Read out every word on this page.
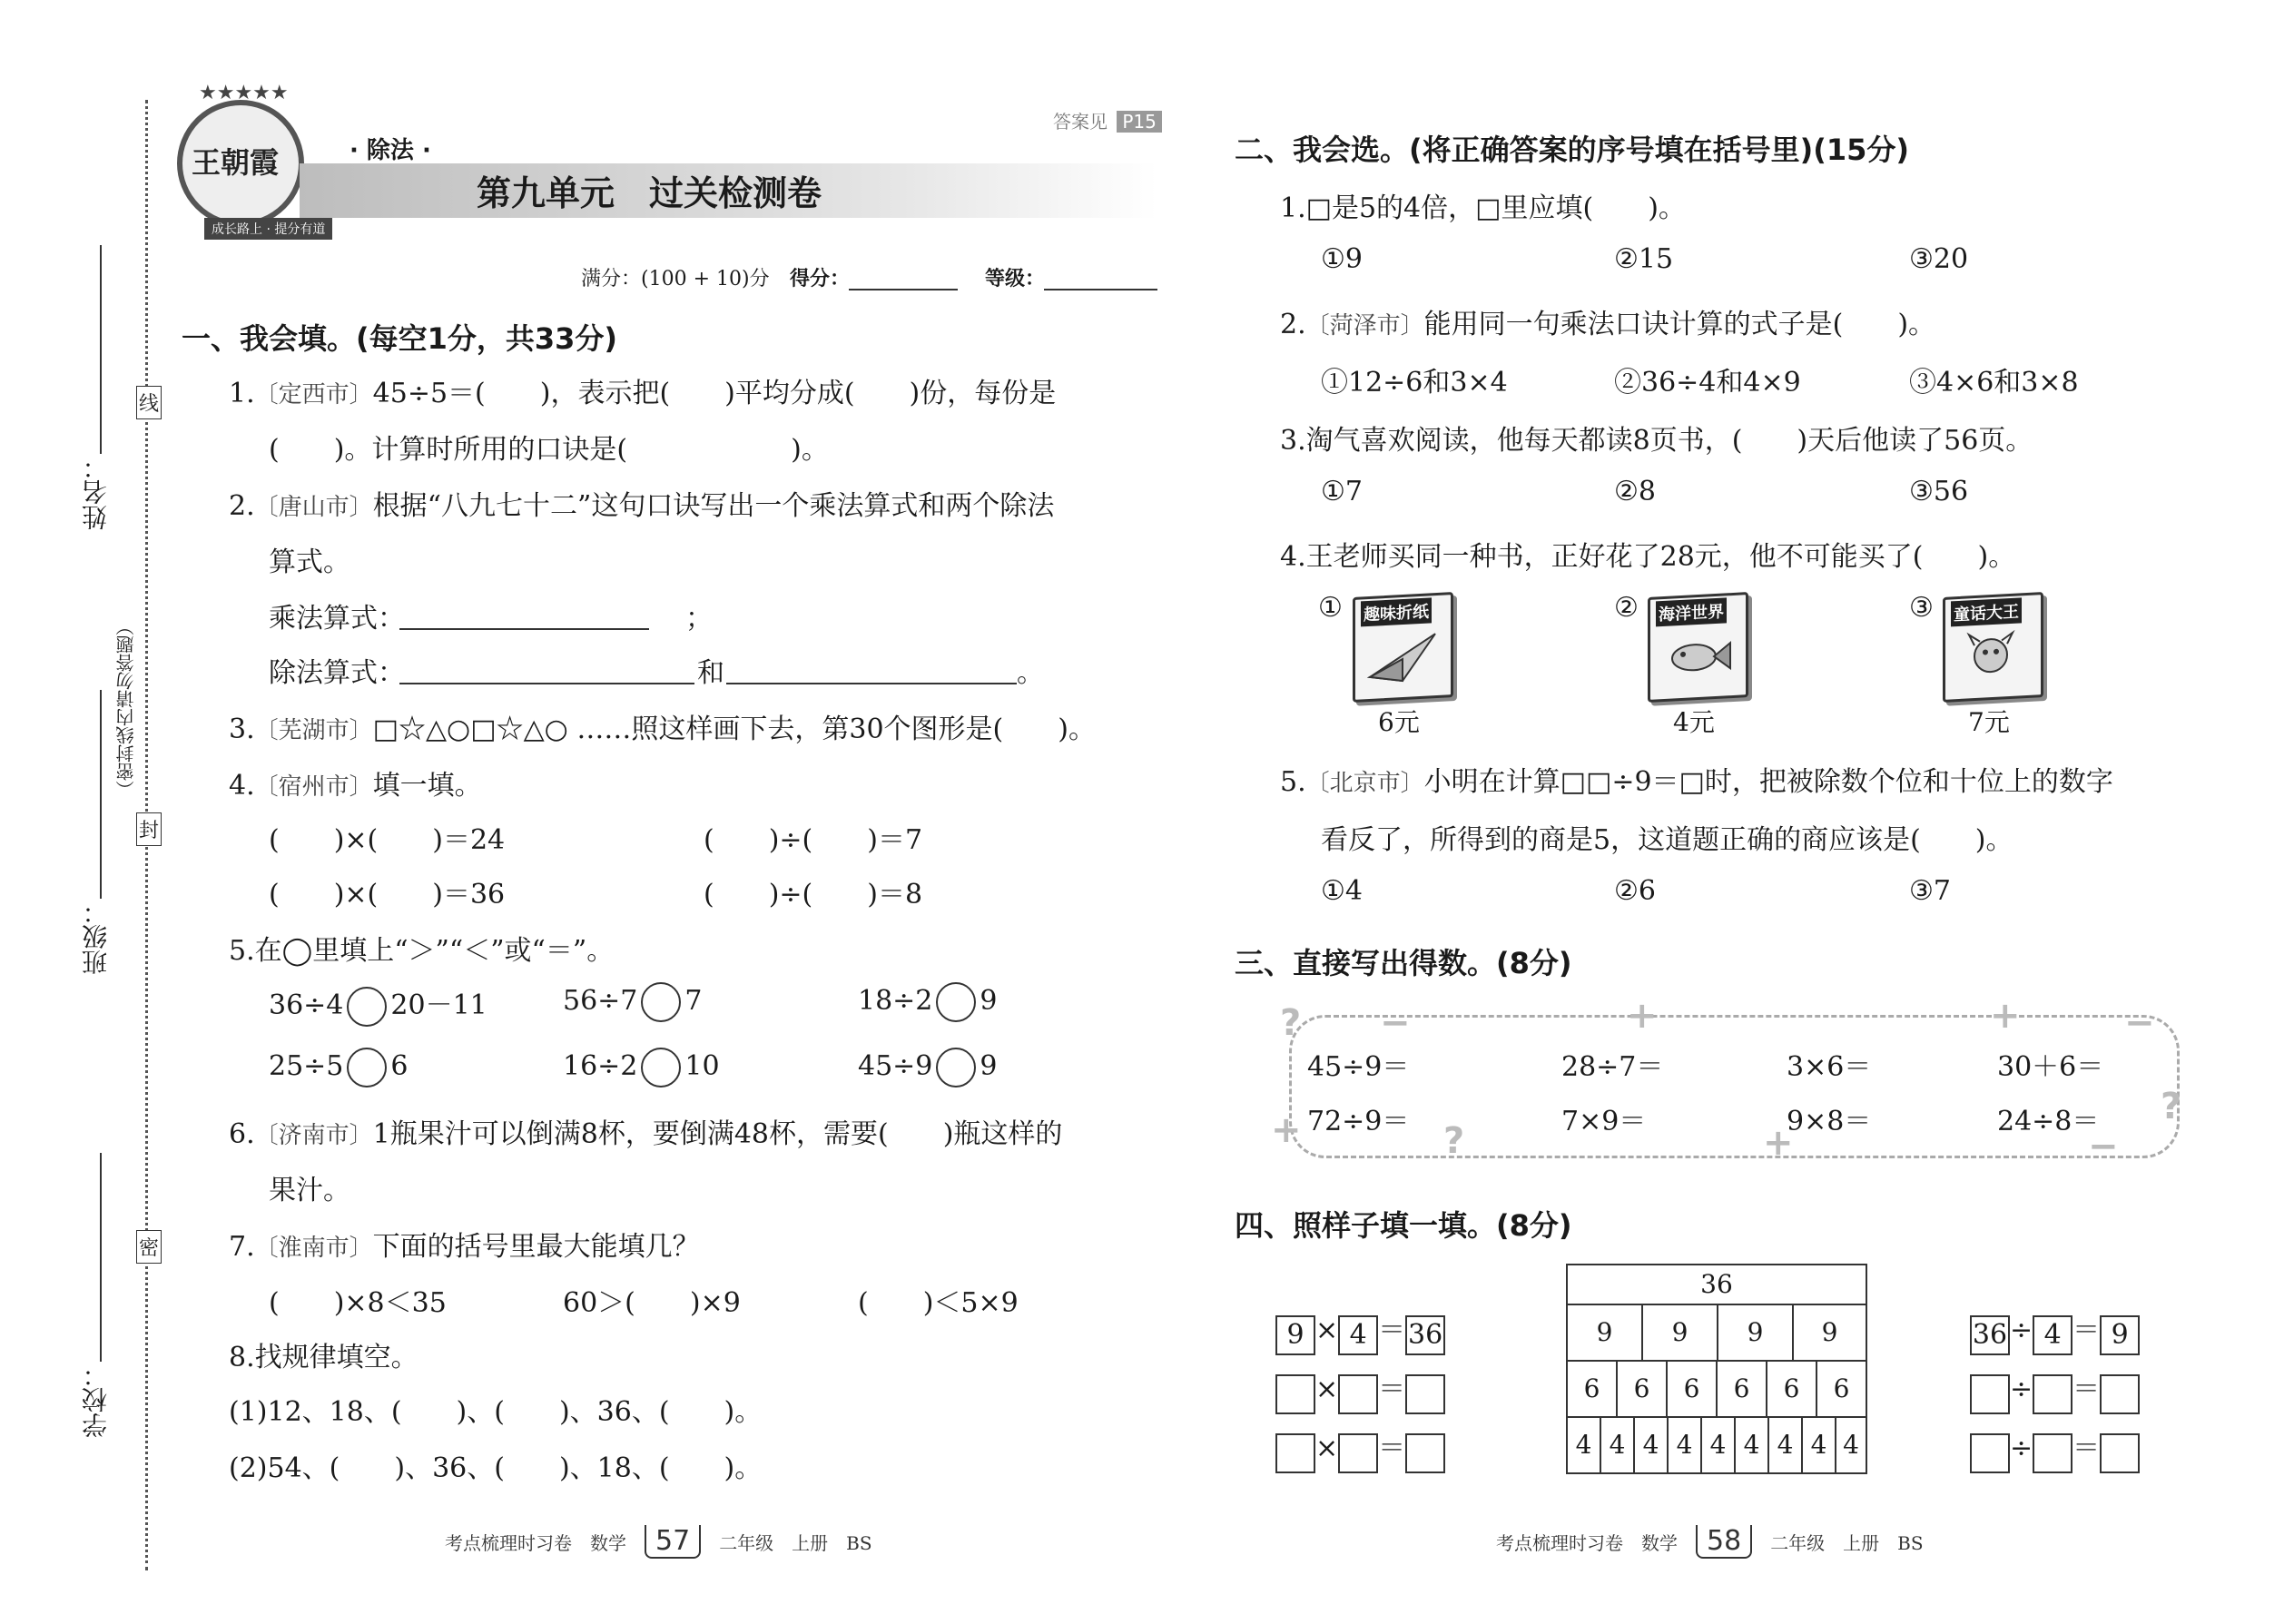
姓名：
班级：
学校：
线
封
密
（密封线内请勿答题）
王朝霞
★★★★★
成长路上 · 提分有道
· 除法 ·
答案见 P15
第九单元　过关检测卷
满分：(100 + 10)分 得分：	等级：
一、我会填。(每空1分，共33分)
1.〔定西市〕45÷5＝(　　)，表示把(　　)平均分成(　　)份，每份是
(　　)。计算时所用的口诀是(　　　　　　)。
2.〔唐山市〕根据“八九七十二”这句口诀写出一个乘法算式和两个除法
算式。
乘法算式：	；
除法算式：	和	。
3.〔芜湖市〕□☆△○□☆△○ ……照这样画下去，第30个图形是(　　)。
4.〔宿州市〕填一填。
(　　)×(　　)＝24	(　　)÷(　　)＝7
(　　)×(　　)＝36	(　　)÷(　　)＝8
5.在◯里填上“＞”“＜”或“＝”。
36÷4 20－11	56÷7 7	18÷2 9
25÷5 6	16÷2 10	45÷9 9
6.〔济南市〕1瓶果汁可以倒满8杯，要倒满48杯，需要(　　)瓶这样的
果汁。
7.〔淮南市〕下面的括号里最大能填几？
(　　)×8＜35	60＞(　　)×9	(　　)＜5×9
8.找规律填空。
(1)12、18、(　　)、(　　)、36、(　　)。
(2)54、(　　)、36、(　　)、18、(　　)。
考点梳理时习卷　数学 57 二年级　上册　BS
二、我会选。(将正确答案的序号填在括号里)(15分)
1.□是5的4倍，□里应填(　　)。
①9	②15	③20
2.〔菏泽市〕能用同一句乘法口诀计算的式子是(　　)。
①12÷6和3×4	②36÷4和4×9	③4×6和3×8
3.淘气喜欢阅读，他每天都读8页书，(　　)天后他读了56页。
①7	②8	③56
4.王老师买同一种书，正好花了28元，他不可能买了(　　)。
① 趣味折纸
6元
② 海洋世界
4元
③ 童话大王
7元
5.〔北京市〕小明在计算□□÷9＝□时，把被除数个位和十位上的数字
看反了，所得到的商是5，这道题正确的商应该是(　　)。
①4	②6	③7
三、直接写出得数。(8分)
? −	+	+	−
+	?	+
?
−
45÷9＝	28÷7＝	3×6＝	30＋6＝
72÷9＝	7×9＝	9×8＝	24÷8＝
四、照样子填一填。(8分)
9 × 4 ＝36
× ＝
× ＝
36
9	9	9	9
6	6	6	6	6	6
4 4 4 4 4 4 4 4 4
36÷ 4 ＝ 9
÷ ＝
÷ ＝
考点梳理时习卷　数学 58 二年级　上册　BS
